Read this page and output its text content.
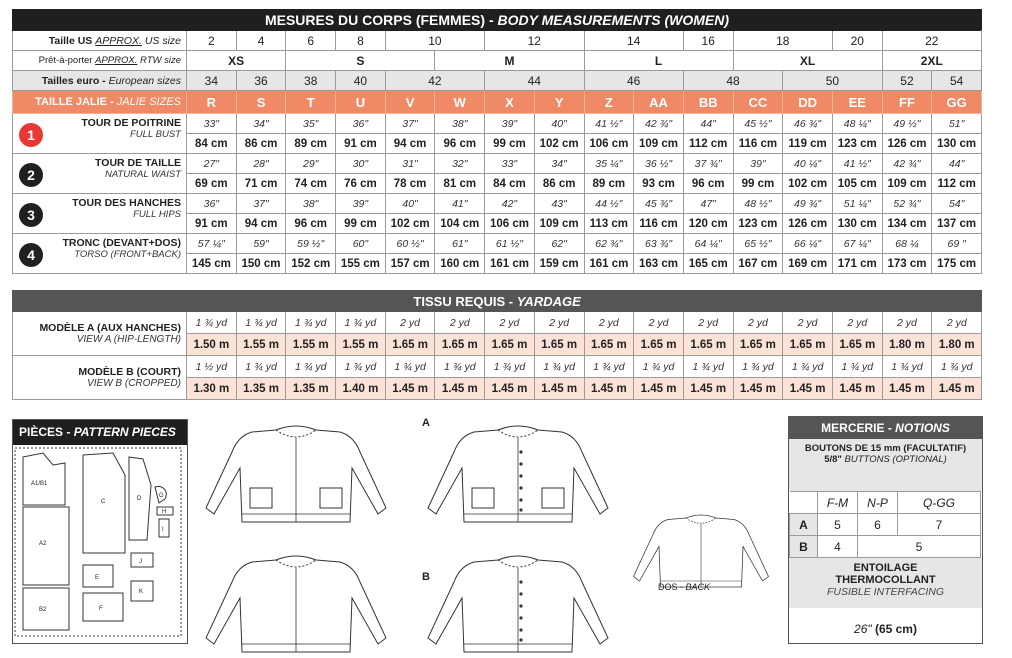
MESURES DU CORPS (FEMMES) - BODY MEASUREMENTS (WOMEN)																	
Taille US APPROX. US size	2	4	6	8	10		12		14		16	18		20	22	
Prêt-à-porter APPROX. RTW size	XS		S			M			L			XL			2XL		
Tailles euro - European sizes	34	36	38	40	42		44		46		48		50		52	54	
TAILLE JALIE - JALIE SIZES	R	S	T	U	V	W	X	Y	Z	AA	BB	CC	DD	EE	FF	GG	

1
TOUR DE POITRINE
FULL BUST	33"	34"	35"	36"	37"	38"	39"	40"	41 ½"	42 ¾"	44"	45 ½"	46 ¾"	48 ¼"	49 ½"	51"	
	84 cm	86 cm	89 cm	91 cm	94 cm	96 cm	99 cm	102 cm	106 cm	109 cm	112 cm	116 cm	119 cm	123 cm	126 cm	130 cm	

2
TOUR DE TAILLE
NATURAL WAIST	27"	28"	29"	30"	31"	32"	33"	34"	35 ¼"	36 ½"	37 ¾"	39"	40 ¼"	41 ½"	42 ¾"	44"	
	69 cm	71 cm	74 cm	76 cm	78 cm	81 cm	84 cm	86 cm	89 cm	93 cm	96 cm	99 cm	102 cm	105 cm	109 cm	112 cm	

3
TOUR DES HANCHES
FULL HIPS	36"	37"	38"	39"	40"	41"	42"	43"	44 ½"	45 ¾"	47"	48 ½"	49 ¾"	51 ¼"	52 ¾"	54"	
	91 cm	94 cm	96 cm	99 cm	102 cm	104 cm	106 cm	109 cm	113 cm	116 cm	120 cm	123 cm	126 cm	130 cm	134 cm	137 cm	

4
TRONC (DEVANT+DOS)
TORSO (FRONT+BACK)	57 ¼"	59"	59 ½"	60"	60 ½"	61"	61 ½"	62"	62 ¾"	63 ¾"	64 ¼"	65 ½"	66 ¼"	67 ¼"	68 ¼	69 "	
	145 cm	150 cm	152 cm	155 cm	157 cm	160 cm	161 cm	159 cm	161 cm	163 cm	165 cm	167 cm	169 cm	171 cm	173 cm	175 cm	
TISSU REQUIS - YARDAGE																

MODÈLE A (AUX HANCHES)
VIEW A (HIP-LENGTH)	1 ¾ yd	1 ¾ yd	1 ¾ yd	1 ¾ yd	2 yd	2 yd	2 yd	2 yd	2 yd	2 yd	2 yd	2 yd	2 yd	2 yd	2 yd	2 yd
	1.50 m	1.55 m	1.55 m	1.55 m	1.65 m	1.65 m	1.65 m	1.65 m	1.65 m	1.65 m	1.65 m	1.65 m	1.65 m	1.65 m	1.80 m	1.80 m

MODÈLE B (COURT)
VIEW B (CROPPED)	1 ½ yd	1 ¾ yd	1 ¾ yd	1 ¾ yd	1 ¾ yd	1 ¾ yd	1 ¾ yd	1 ¾ yd	1 ¾ yd	1 ¾ yd	1 ¾ yd	1 ¾ yd	1 ¾ yd	1 ¾ yd	1 ¾ yd	1 ¾ yd
	1.30 m	1.35 m	1.35 m	1.40 m	1.45 m	1.45 m	1.45 m	1.45 m	1.45 m	1.45 m	1.45 m	1.45 m	1.45 m	1.45 m	1.45 m	1.45 m
PIÈCES - PATTERN PIECES
A1/B1
A2
B2
C	D
E
F
G
H
I
J
K
A
B
DOS - BACK
MERCERIE - NOTIONS
BOUTONS DE 15 mm (FACULTATIF)
5/8" BUTTONS (OPTIONAL)
	F-M	N-P	Q-GG
A	5	6	7
B	4	5	
ENTOILAGE
THERMOCOLLANT
FUSIBLE INTERFACING
26" (65 cm)
